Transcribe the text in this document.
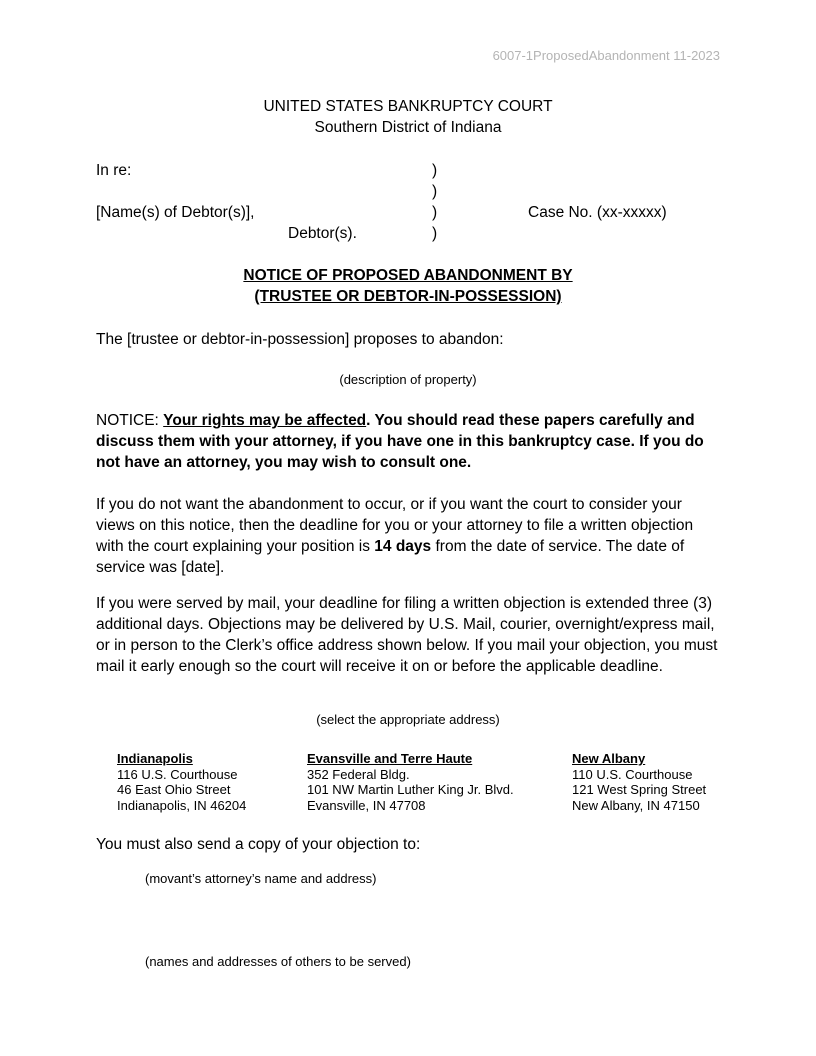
6007-1ProposedAbandonment 11-2023
UNITED STATES BANKRUPTCY COURT
Southern District of Indiana
In re:
[Name(s) of Debtor(s)],
Debtor(s).
)
)
)
)
Case No. (xx-xxxxx)
NOTICE OF PROPOSED ABANDONMENT BY
(TRUSTEE OR DEBTOR-IN-POSSESSION)
The [trustee or debtor-in-possession] proposes to abandon:
(description of property)
NOTICE: Your rights may be affected. You should read these papers carefully and discuss them with your attorney, if you have one in this bankruptcy case. If you do not have an attorney, you may wish to consult one.
If you do not want the abandonment to occur, or if you want the court to consider your views on this notice, then the deadline for you or your attorney to file a written objection with the court explaining your position is 14 days from the date of service. The date of service was [date].
If you were served by mail, your deadline for filing a written objection is extended three (3) additional days. Objections may be delivered by U.S. Mail, courier, overnight/express mail, or in person to the Clerk’s office address shown below. If you mail your objection, you must mail it early enough so the court will receive it on or before the applicable deadline.
(select the appropriate address)
Indianapolis
116 U.S. Courthouse
46 East Ohio Street
Indianapolis, IN 46204
Evansville and Terre Haute
352 Federal Bldg.
101 NW Martin Luther King Jr. Blvd.
Evansville, IN 47708
New Albany
110 U.S. Courthouse
121 West Spring Street
New Albany, IN 47150
You must also send a copy of your objection to:
(movant’s attorney’s name and address)
(names and addresses of others to be served)
